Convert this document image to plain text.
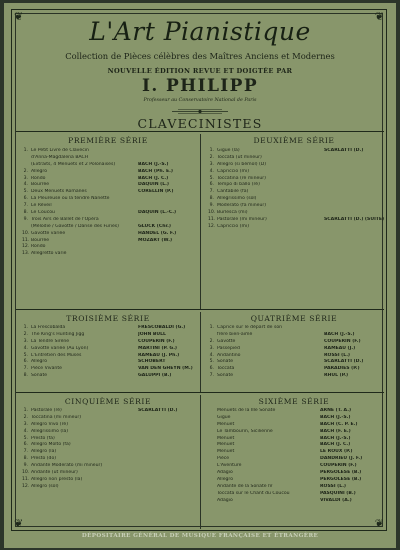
❦	❦
❦	❦
L'Art Pianistique
Collection de Pièces célèbres des Maîtres Anciens et Modernes
NOUVELLE ÉDITION REVUE ET DOIGTÉE PAR
I. PHILIPP
Professeur au Conservatoire National de Paris
CLAVECINISTES
PREMIÈRE SÉRIE	DEUXIÈME SÉRIE
1. Le Petit Livre de Clavecin
d'Anna-Magdalena BACH
(Extraits, 4 Menuets et 2 Polonaises)	BACH (J.-S.)
2. Allegro	BACH (Ph. E.)
3. Rondo	BACH (J. C.)
4. Bourrée	DAQUIN (L.)
5. Deux Menuets Romanes	CORELLIN (P.)
6. La Pleureuse ou la tendre Nanette
7. Le Réveil
8. Le Coucou	DAQUIN (L.-C.)
9. Trois Airs de Ballet de l'Opéra
(Mélodie / Gavotte / Danse des Furies)	GLUCK (Chr.)
10. Gavotte variée	HÄNDEL (G. F.)
11. Bourrée	MOZART (W.)
12. Rondo
13. Allegretto varié
1. Gigue (la)	SCARLATTI (D.)
2. Toccata (ut mineur)
3. Allegro (si bémol) (D)
4. Capriccio (mi)
5. Toccatina (ré mineur)
6. Tempo di ballo (ré)
7. Cantabile (fa)
8. Allegrissimo (sol)
9. Moderato (fa mineur)
10. Burlesca (mi)
11. Pastorale (mi mineur)	SCARLATTI (D.) (SUITE)
12. Capriccio (mi)
TROISIÈME SÉRIE	QUATRIÈME SÉRIE
1. La Frescobalda	FRESCOBALDI (G.)
2. The King's Hunting Jigg	JOHN BULL
3. La Tendre Sirène	COUPERIN (F.)
4. Gavotte variée (Au Lyon)	MARTINI (P. G.)
5. L'Entretien des Muses	RAMEAU (J. Ph.)
6. Allegro	SCHOBERT
7. Pièce Vivante	VAN DEN GHEYN (M.)
8. Sonate	GALUPPI (B.)
1. Caprice sur le départ de son
frère bien-aimé	BACH (J.-S.)
2. Gavotte	COUPERIN (F.)
3. Passepied	RAMEAU (J.)
4. Andantino	ROSSI (L.)
5. Sonate	SCARLATTI (D.)
6. Toccata	PARADIES (P.)
7. Sonate	RHUL (P.)
CINQUIÈME SÉRIE	SIXIÈME SÉRIE
1. Pastorale (ré)	SCARLATTI (D.)
2. Toccatina (mi mineur)
3. Allegro Vivo (ré)
4. Allegrissimo (la)
5. Presto (fa)
6. Allegro Molto (fa)
7. Allegro (la)
8. Presto (do)
9. Andante Moderato (mi mineur)
10. Andante (ut mineur)
11. Allegro non presto (la)
12. Allegro (sol)
Menuets de la IIIe Sonate	ARNE (T. A.)
Gigue	BACH (J.-S.)
Menuet	BACH (C. P. E.)
Le Tambourin, Sicilienne	BACH (F. E.)
Menuet	BACH (J.-S.)
Menuet	BACH (J. C.)
Menuet	LE ROUX (P.)
Pièce	DANDRIEU (J. F.)
L'Aventure	COUPERIN (F.)
Adagio	PERGOLÈSE (B.)
Allegro	PERGOLÈSE (B.)
Andante de la Sonate IV	ROSSI (L.)
Toccata sur le Chant du Coucou	PASQUINI (B.)
Adagio	VIVALDI (A.)
DÉPOSITAIRE GÉNÉRAL DE MUSIQUE FRANÇAISE ET ÉTRANGÈRE
